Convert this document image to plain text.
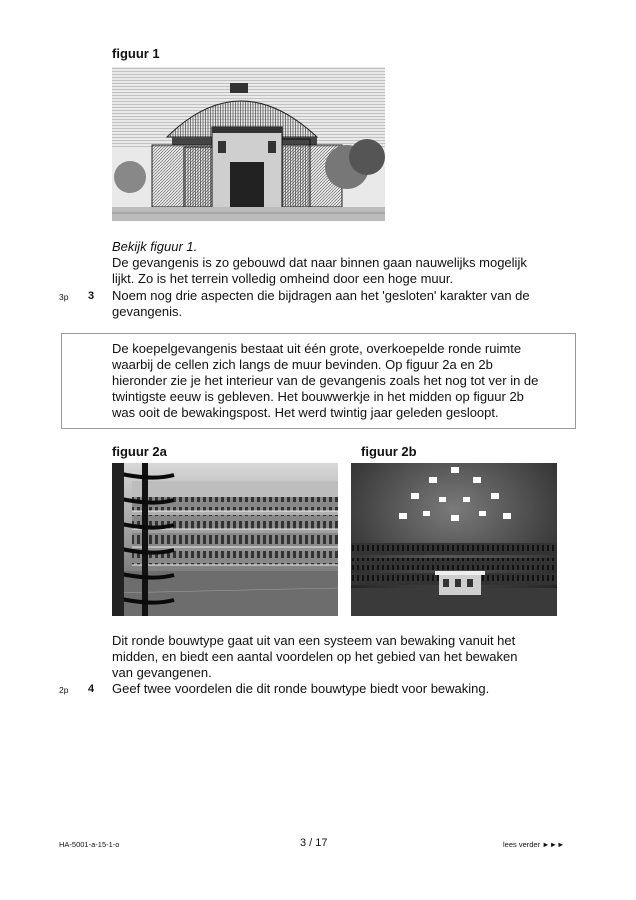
figuur 1
Bekijk figuur 1.
De gevangenis is zo gebouwd dat naar binnen gaan nauwelijks mogelijk
lijkt. Zo is het terrein volledig omheind door een hoge muur.
3p 3 Noem nog drie aspecten die bijdragen aan het 'gesloten' karakter van de
gevangenis.
De koepelgevangenis bestaat uit één grote, overkoepelde ronde ruimte
waarbij de cellen zich langs de muur bevinden. Op figuur 2a en 2b
hieronder zie je het interieur van de gevangenis zoals het nog tot ver in de
twintigste eeuw is gebleven. Het bouwwerkje in het midden op figuur 2b
was ooit de bewakingspost. Het werd twintig jaar geleden gesloopt.
figuur 2a	figuur 2b
Dit ronde bouwtype gaat uit van een systeem van bewaking vanuit het
midden, en biedt een aantal voordelen op het gebied van het bewaken
van gevangenen.
2p 4 Geef twee voordelen die dit ronde bouwtype biedt voor bewaking.
HA-5001-a-15-1-o	3 / 17	lees verder ►►►
